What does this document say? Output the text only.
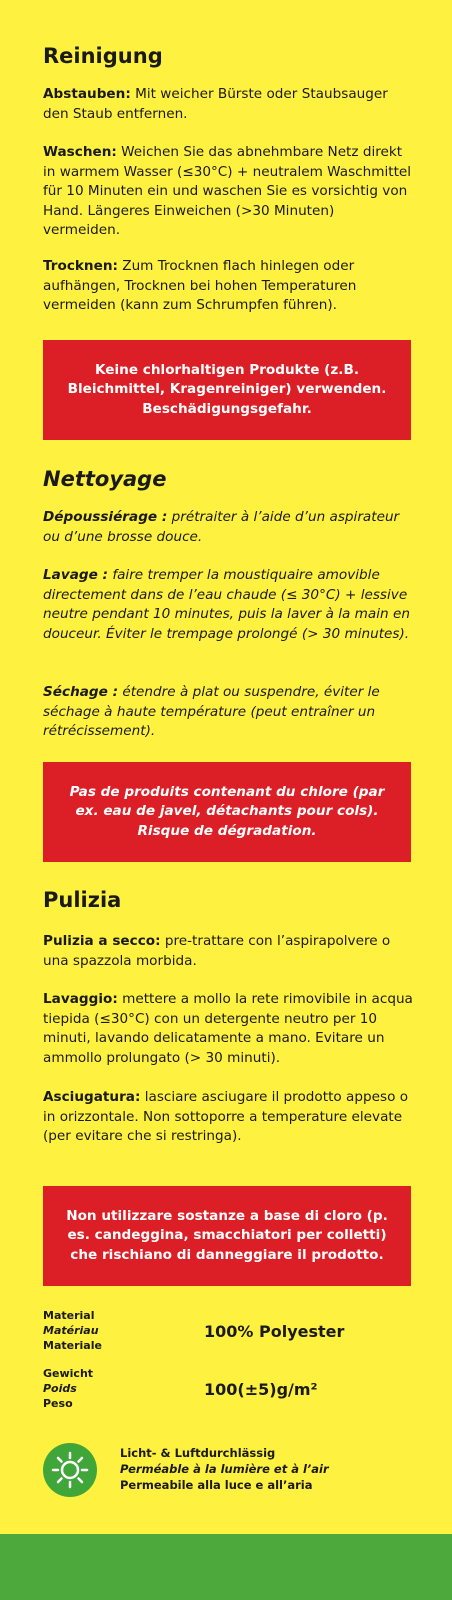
Reinigung

Abstauben: Mit weicher Bürste oder Staubsauger den Staub entfernen.

Waschen: Weichen Sie das abnehmbare Netz direkt in warmem Wasser (≤30°C) + neutralem Waschmittel für 10 Minuten ein und waschen Sie es vorsichtig von Hand. Längeres Einweichen (>30 Minuten) vermeiden.

Trocknen: Zum Trocknen flach hinlegen oder aufhängen, Trocknen bei hohen Temperaturen vermeiden (kann zum Schrumpfen führen).

Keine chlorhaltigen Produkte (z.B. Bleichmittel, Kragenreiniger) verwenden. Beschädigungsgefahr.
Nettoyage

Dépoussiérage : prétraiter à l’aide d’un aspirateur ou d’une brosse douce.

Lavage : faire tremper la moustiquaire amovible directement dans de l’eau chaude (≤ 30°C) + lessive neutre pendant 10 minutes, puis la laver à la main en douceur. Éviter le trempage prolongé (> 30 minutes).

Séchage : étendre à plat ou suspendre, éviter le séchage à haute température (peut entraîner un rétrécissement).

Pas de produits contenant du chlore (par ex. eau de javel, détachants pour cols). Risque de dégradation.
Pulizia

Pulizia a secco: pre-trattare con l’aspirapolvere o una spazzola morbida.

Lavaggio: mettere a mollo la rete rimovibile in acqua tiepida (≤30°C) con un detergente neutro per 10 minuti, lavando delicatamente a mano. Evitare un ammollo prolungato (> 30 minuti).

Asciugatura: lasciare asciugare il prodotto appeso o in orizzontale. Non sottoporre a temperature elevate (per evitare che si restringa).

Non utilizzare sostanze a base di cloro (p. es. candeggina, smacchiatori per colletti) che rischiano di danneggiare il prodotto.
Material
Matériau
Materiale
100% Polyester
Gewicht
Poids
Peso
100(±5)g/m²
Licht- & Luftdurchlässig
Perméable à la lumière et à l’air
Permeabile alla luce e all’aria
